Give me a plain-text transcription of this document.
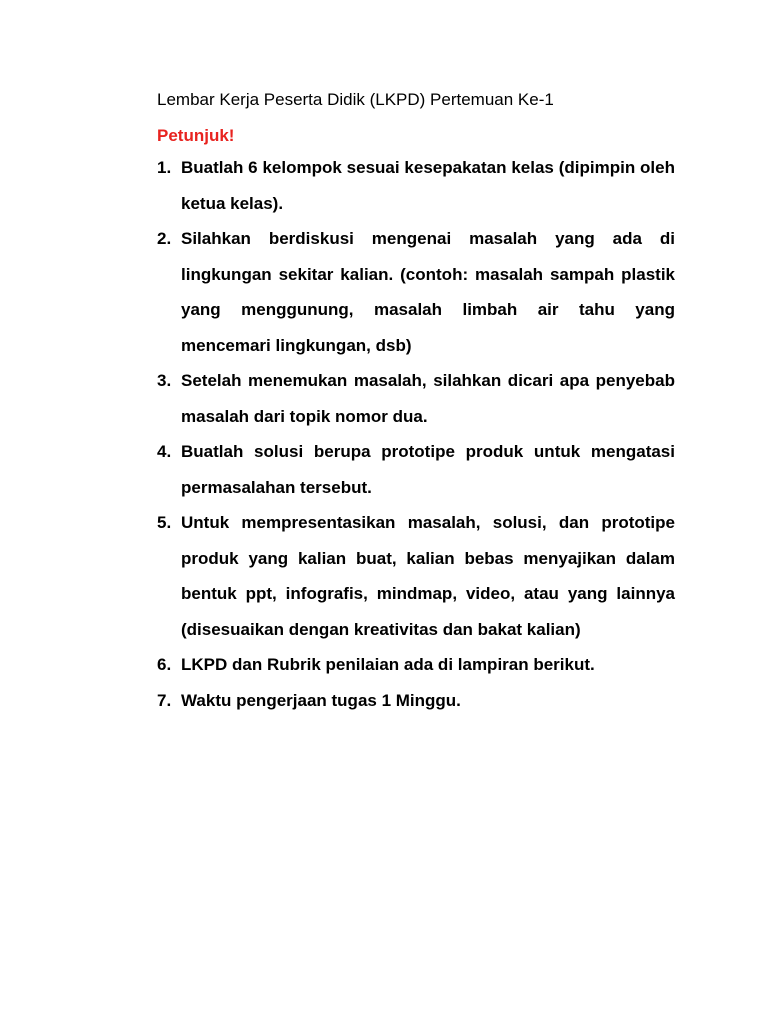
Lembar Kerja Peserta Didik (LKPD) Pertemuan Ke-1
Petunjuk!
1. Buatlah 6 kelompok sesuai kesepakatan kelas (dipimpin oleh ketua kelas).
2. Silahkan berdiskusi mengenai masalah yang ada di lingkungan sekitar kalian. (contoh: masalah sampah plastik yang menggunung, masalah limbah air tahu yang mencemari lingkungan, dsb)
3. Setelah menemukan masalah, silahkan dicari apa penyebab masalah dari topik nomor dua.
4. Buatlah solusi berupa prototipe produk untuk mengatasi permasalahan tersebut.
5. Untuk mempresentasikan masalah, solusi, dan prototipe produk yang kalian buat, kalian bebas menyajikan dalam bentuk ppt, infografis, mindmap, video, atau yang lainnya (disesuaikan dengan kreativitas dan bakat kalian)
6. LKPD dan Rubrik penilaian ada di lampiran berikut.
7. Waktu pengerjaan tugas 1 Minggu.
